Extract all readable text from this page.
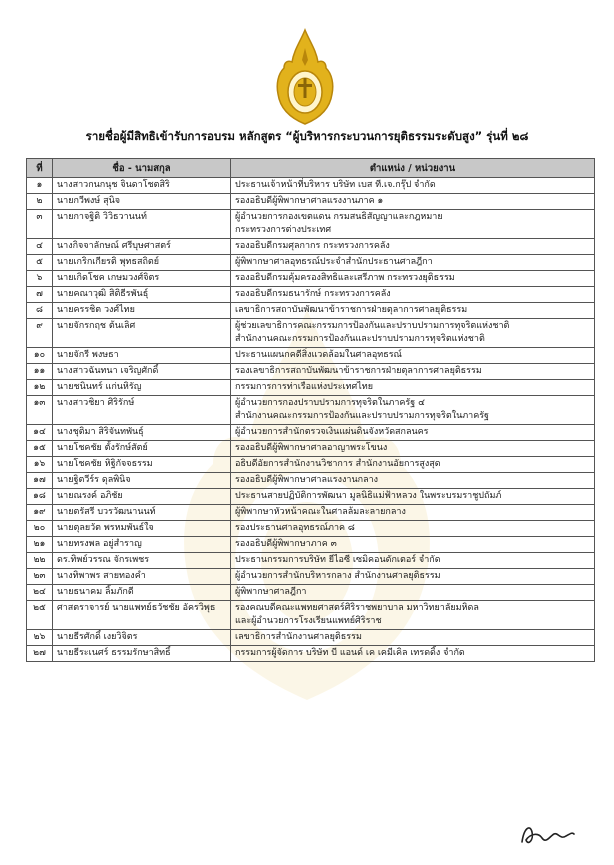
รายชื่อผู้มีสิทธิเข้ารับการอบรม หลักสูตร “ผู้บริหารกระบวนการยุติธรรมระดับสูง” รุ่นที่ ๒๘
ที่	ชื่อ - นามสกุล	ตำแหน่ง / หน่วยงาน
๑	นางสาวกนกนุช จินดาโชตสิริ	ประธานเจ้าหน้าที่บริหาร บริษัท เบส ที.เจ.กรุ๊ป จำกัด

๒	นายกวีพงษ์ สุนิจ	รองอธิบดีผู้พิพากษาศาลแรงงานภาค ๑

๓	นายกาจฐิติ วิวิธวานนท์	ผู้อำนวยการกองเขตแดน กรมสนธิสัญญาและกฎหมาย
กระทรวงการต่างประเทศ

๔	นางกิจจาลักษณ์ ศรีบุษศาสตร์	รองอธิบดีกรมศุลกากร กระทรวงการคลัง

๕	นายเกริกเกียรติ พุทธสถิตย์	ผู้พิพากษาศาลอุทธรณ์ประจำสำนักประธานศาลฎีกา

๖	นายเกิดโชค เกษมวงศ์จิตร	รองอธิบดีกรมคุ้มครองสิทธิและเสรีภาพ กระทรวงยุติธรรม

๗	นายคณาวุฒิ สิติธีรพันธุ์	รองอธิบดีกรมธนารักษ์ กระทรวงการคลัง

๘	นายครรชิต วงศ์ไทย	เลขาธิการสถาบันพัฒนาข้าราชการฝ่ายตุลาการศาลยุติธรรม

๙	นายจักรกฤช ต้นเลิศ	ผู้ช่วยเลขาธิการคณะกรรมการป้องกันและปราบปรามการทุจริตแห่งชาติ
สำนักงานคณะกรรมการป้องกันและปราบปรามการทุจริตแห่งชาติ

๑๐	นายจักรี พงษธา	ประธานแผนกคดีสิ่งแวดล้อมในศาลอุทธรณ์

๑๑	นางสาวฉันทนา เจริญศักดิ์	รองเลขาธิการสถาบันพัฒนาข้าราชการฝ่ายตุลาการศาลยุติธรรม

๑๒	นายชนินทร์ แก่นหิรัญ	กรรมการการท่าเรือแห่งประเทศไทย

๑๓	นางสาวชิยา ศิริรักษ์	ผู้อำนวยการกองปราบปรามการทุจริตในภาครัฐ ๔
สำนักงานคณะกรรมการป้องกันและปราบปรามการทุจริตในภาครัฐ

๑๔	นางชุติมา สิริจันทพันธุ์	ผู้อำนวยการสำนักตรวจเงินแผ่นดินจังหวัดสกลนคร

๑๕	นายโชคชัย ตั้งรักษ์สัตย์	รองอธิบดีผู้พิพากษาศาลอาญาพระโขนง

๑๖	นายโชคชัย หิฐิกัจจธรรม	อธิบดีอัยการสำนักงานวิชาการ สำนักงานอัยการสูงสุด

๑๗	นายฐิตวีร์ร ดุลพินิจ	รองอธิบดีผู้พิพากษาศาลแรงงานกลาง

๑๘	นายณรงค์ อภิชัย	ประธานสายปฏิบัติการพัฒนา มูลนิธิแม่ฟ้าหลวง ในพระบรมราชูปถัมภ์

๑๙	นายตรัสรี บวรวัฒนานนท์	ผู้พิพากษาหัวหน้าคณะในศาลล้มละลายกลาง

๒๐	นายตุลยวัต พรหมพันธ์ใจ	รองประธานศาลอุทธรณ์ภาค ๘

๒๑	นายทรงพล อยู่สำราญ	รองอธิบดีผู้พิพากษาภาค ๓

๒๒	ดร.ทิพย์วรรณ จักรเพชร	ประธานกรรมการบริษัท ยีไอซี เซมิคอนดักเตอร์ จำกัด

๒๓	นางทิพาพร สายทองคำ	ผู้อำนวยการสำนักบริหารกลาง สำนักงานศาลยุติธรรม

๒๔	นายธนาคม ลิ้มภักดี	ผู้พิพากษาศาลฎีกา

๒๕	ศาสตราจารย์ นายแพทย์ธวัชชัย อัครวิพุธ	รองคณบดีคณะแพทยศาสตร์ศิริราชพยาบาล มหาวิทยาลัยมหิดล
และผู้อำนวยการโรงเรียนแพทย์ศิริราช

๒๖	นายธีรศักดิ์ เงยวิจิตร	เลขาธิการสำนักงานศาลยุติธรรม

๒๗	นายธีระเนศร์ ธรรมรักษาสิทธิ์	กรรมการผู้จัดการ บริษัท บี แอนด์ เค เคมีเคิล เทรดดิ้ง จำกัด
